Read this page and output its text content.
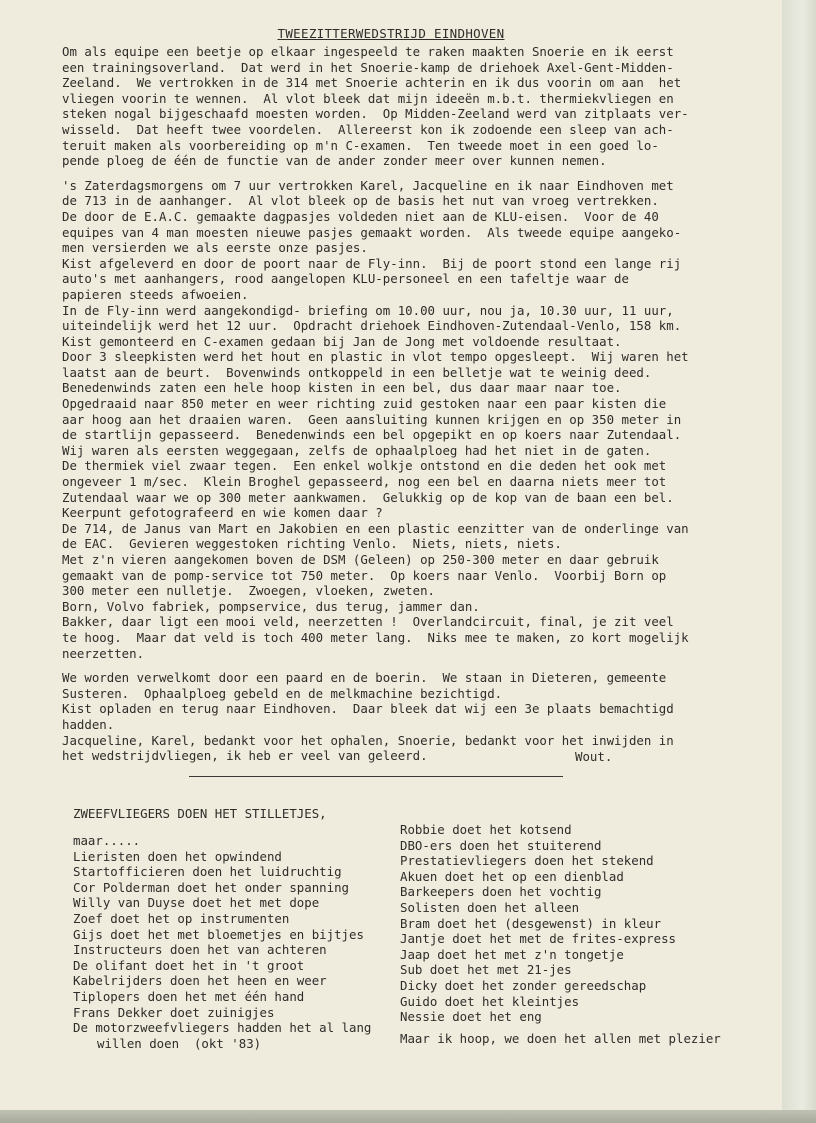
TWEEZITTERWEDSTRIJD EINDHOVEN

Om als equipe een beetje op elkaar ingespeeld te raken maakten Snoerie en ik eerst

een trainingsoverland.  Dat werd in het Snoerie-kamp de driehoek Axel-Gent-Midden-

Zeeland.  We vertrokken in de 314 met Snoerie achterin en ik dus voorin om aan  het

vliegen voorin te wennen.  Al vlot bleek dat mijn ideeën m.b.t. thermiekvliegen en

steken nogal bijgeschaafd moesten worden.  Op Midden-Zeeland werd van zitplaats ver-

wisseld.  Dat heeft twee voordelen.  Allereerst kon ik zodoende een sleep van ach-

teruit maken als voorbereiding op m'n C-examen.  Ten tweede moet in een goed lo-

pende ploeg de één de functie van de ander zonder meer over kunnen nemen.

's Zaterdagsmorgens om 7 uur vertrokken Karel, Jacqueline en ik naar Eindhoven met

de 713 in de aanhanger.  Al vlot bleek op de basis het nut van vroeg vertrekken.

De door de E.A.C. gemaakte dagpasjes voldeden niet aan de KLU-eisen.  Voor de 40

equipes van 4 man moesten nieuwe pasjes gemaakt worden.  Als tweede equipe aangeko-

men versierden we als eerste onze pasjes.

Kist afgeleverd en door de poort naar de Fly-inn.  Bij de poort stond een lange rij

auto's met aanhangers, rood aangelopen KLU-personeel en een tafeltje waar de

papieren steeds afwoeien.

In de Fly-inn werd aangekondigd- briefing om 10.00 uur, nou ja, 10.30 uur, 11 uur,

uiteindelijk werd het 12 uur.  Opdracht driehoek Eindhoven-Zutendaal-Venlo, 158 km.

Kist gemonteerd en C-examen gedaan bij Jan de Jong met voldoende resultaat.

Door 3 sleepkisten werd het hout en plastic in vlot tempo opgesleept.  Wij waren het

laatst aan de beurt.  Bovenwinds ontkoppeld in een belletje wat te weinig deed.

Benedenwinds zaten een hele hoop kisten in een bel, dus daar maar naar toe.

Opgedraaid naar 850 meter en weer richting zuid gestoken naar een paar kisten die

aar hoog aan het draaien waren.  Geen aansluiting kunnen krijgen en op 350 meter in

de startlijn gepasseerd.  Benedenwinds een bel opgepikt en op koers naar Zutendaal.

Wij waren als eersten weggegaan, zelfs de ophaalploeg had het niet in de gaten.

De thermiek viel zwaar tegen.  Een enkel wolkje ontstond en die deden het ook met

ongeveer 1 m/sec.  Klein Broghel gepasseerd, nog een bel en daarna niets meer tot

Zutendaal waar we op 300 meter aankwamen.  Gelukkig op de kop van de baan een bel.

Keerpunt gefotografeerd en wie komen daar ?

De 714, de Janus van Mart en Jakobien en een plastic eenzitter van de onderlinge van

de EAC.  Gevieren weggestoken richting Venlo.  Niets, niets, niets.

Met z'n vieren aangekomen boven de DSM (Geleen) op 250-300 meter en daar gebruik

gemaakt van de pomp-service tot 750 meter.  Op koers naar Venlo.  Voorbij Born op

300 meter een nulletje.  Zwoegen, vloeken, zweten.

Born, Volvo fabriek, pompservice, dus terug, jammer dan.

Bakker, daar ligt een mooi veld, neerzetten !  Overlandcircuit, final, je zit veel

te hoog.  Maar dat veld is toch 400 meter lang.  Niks mee te maken, zo kort mogelijk

neerzetten.

We worden verwelkomt door een paard en de boerin.  We staan in Dieteren, gemeente

Susteren.  Ophaalploeg gebeld en de melkmachine bezichtigd.

Kist opladen en terug naar Eindhoven.  Daar bleek dat wij een 3e plaats bemachtigd

hadden.

Jacqueline, Karel, bedankt voor het ophalen, Snoerie, bedankt voor het inwijden in

het wedstrijdvliegen, ik heb er veel van geleerd.	Wout.
ZWEEFVLIEGERS DOEN HET STILLETJES,
maar.....
Lieristen doen het opwindend
Startofficieren doen het luidruchtig
Cor Polderman doet het onder spanning
Willy van Duyse doet het met dope
Zoef doet het op instrumenten
Gijs doet het met bloemetjes en bijtjes
Instructeurs doen het van achteren
De olifant doet het in 't groot
Kabelrijders doen het heen en weer
Tiplopers doen het met één hand
Frans Dekker doet zuinigjes
De motorzweefvliegers hadden het al lang
willen doen  (okt '83)
Robbie doet het kotsend
DBO-ers doen het stuiterend
Prestatievliegers doen het stekend
Akuen doet het op een dienblad
Barkeepers doen het vochtig
Solisten doen het alleen
Bram doet het (desgewenst) in kleur
Jantje doet het met de frites-express
Jaap doet het met z'n tongetje
Sub doet het met 21-jes
Dicky doet het zonder gereedschap
Guido doet het kleintjes
Nessie doet het eng
Maar ik hoop, we doen het allen met plezier
